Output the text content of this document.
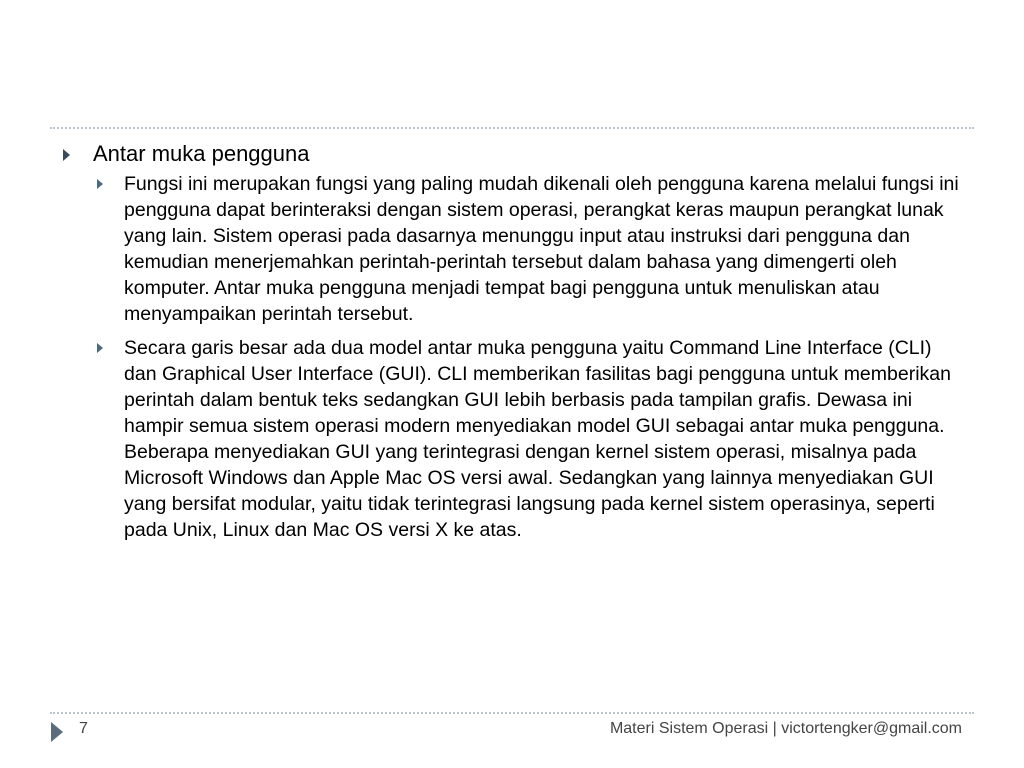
Antar muka pengguna
Fungsi ini merupakan fungsi yang paling mudah dikenali oleh pengguna karena melalui fungsi ini pengguna dapat berinteraksi dengan sistem operasi, perangkat keras maupun perangkat lunak yang lain. Sistem operasi pada dasarnya menunggu input atau instruksi dari pengguna dan kemudian menerjemahkan perintah-perintah tersebut dalam bahasa yang dimengerti oleh komputer. Antar muka pengguna menjadi tempat bagi pengguna untuk menuliskan atau menyampaikan perintah tersebut.
Secara garis besar ada dua model antar muka pengguna yaitu Command Line Interface (CLI) dan Graphical User Interface (GUI). CLI memberikan fasilitas bagi pengguna untuk memberikan perintah dalam bentuk teks sedangkan GUI lebih berbasis pada tampilan grafis. Dewasa ini hampir semua sistem operasi modern menyediakan model GUI sebagai antar muka pengguna. Beberapa menyediakan GUI yang terintegrasi dengan kernel sistem operasi, misalnya pada Microsoft Windows dan Apple Mac OS versi awal. Sedangkan yang lainnya menyediakan GUI yang bersifat modular, yaitu tidak terintegrasi langsung pada kernel sistem operasinya, seperti pada Unix, Linux dan Mac OS versi X ke atas.
7	Materi Sistem Operasi | victortengker@gmail.com
